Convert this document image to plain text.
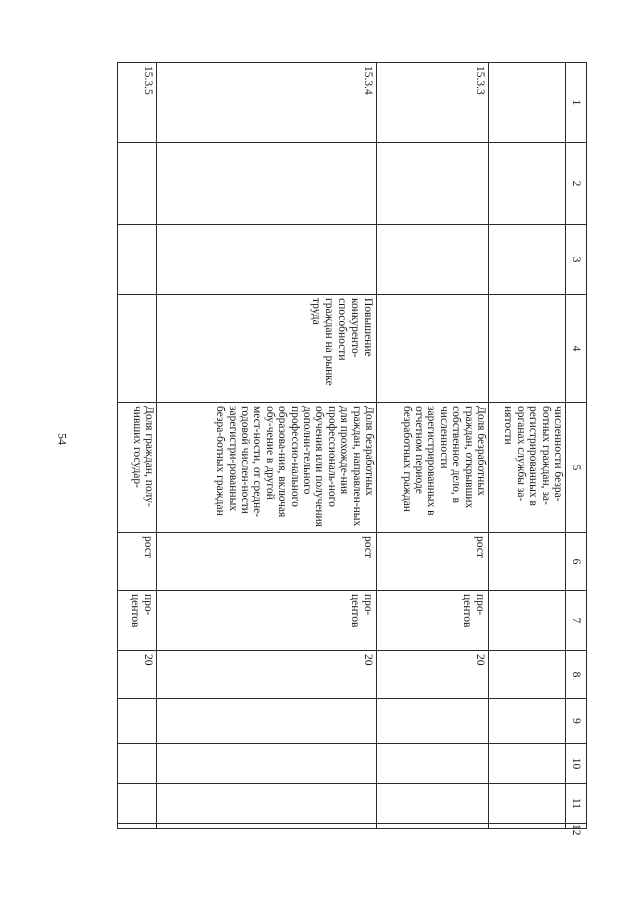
54
1	2	3	4	5	6	7	8	9	10	11	12
				численности безра-ботных граждан, за-регистрированных в органах службы за-нятости							
15.3.3				Доля безработных граждан, открывших собственное дело, в численности зарегистрированных в отчетном периоде безработных граждан	рост	про-центов	20				
15.3.4			Повышение конкуренто-способности граждан на рынке труда	Доля безработных граждан, направлен-ных для прохожде-ния профессиональ-ного обучения или получения дополни-тельного профессио-нального образова-ния, включая обу-чение в другой мест-ности, от средне-годовой числен-ности зарегистри-рованных безра-ботных граждан	рост	про-центов	20				
15.3.5				Доля граждан, полу-чивших государ-	рост	про-центов	20				
